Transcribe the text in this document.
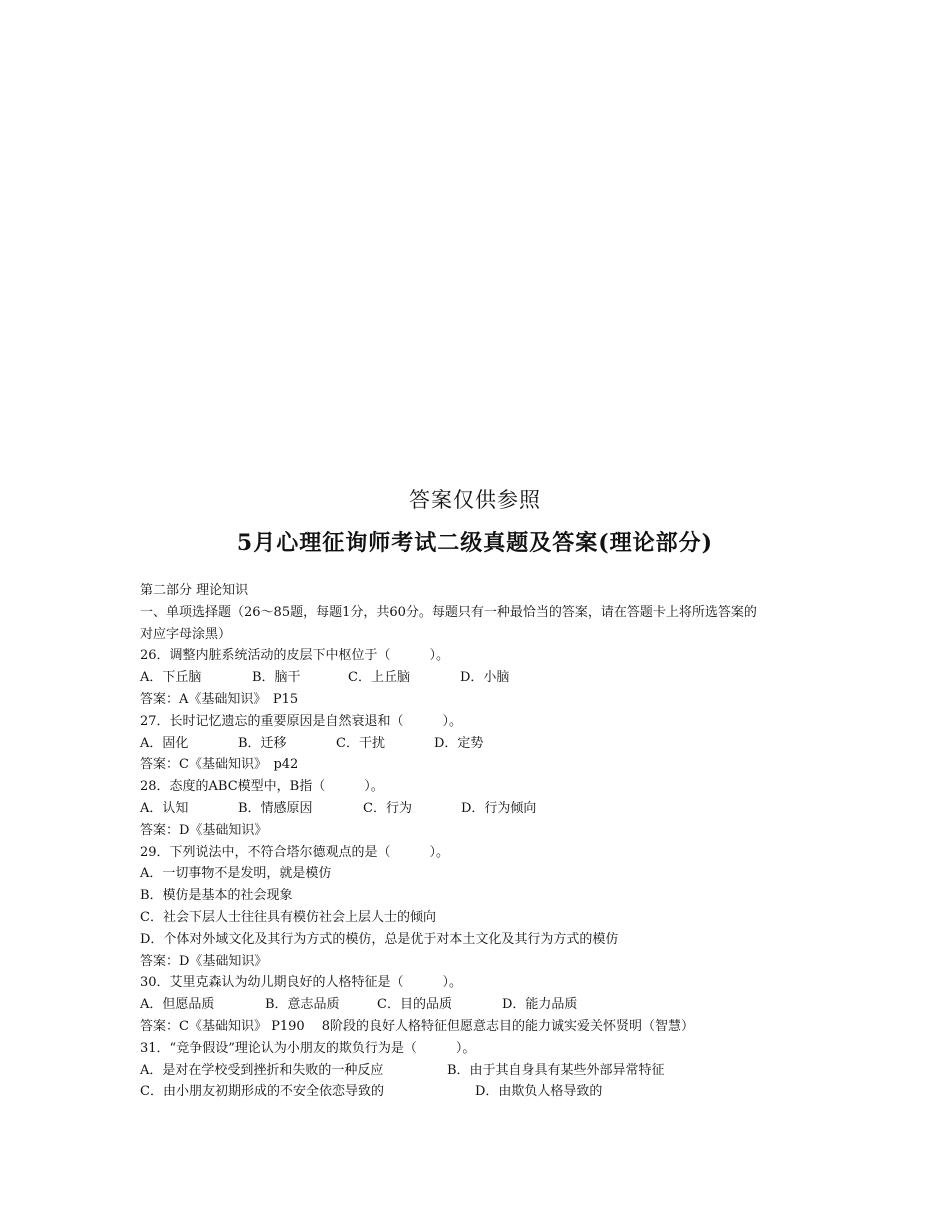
答案仅供参照
5月心理征询师考试二级真题及答案(理论部分)
第二部分 理论知识
一、单项选择题（26～85题，每题1分，共60分。每题只有一种最恰当的答案，请在答题卡上将所选答案的
对应字母涂黑）
26．调整内脏系统活动的皮层下中枢位于（　　　）。
A．下丘脑	B．脑干	C．上丘脑	D．小脑
答案：A《基础知识》　P15
27．长时记忆遗忘的重要原因是自然衰退和（　　　）。
A．固化	B．迁移	C．干扰	D．定势
答案：C《基础知识》　p42
28．态度的ABC模型中，B指（　　　）。
A．认知	B．情感原因	C．行为	D．行为倾向
答案：D《基础知识》
29．下列说法中，不符合塔尔德观点的是（　　　）。
A．一切事物不是发明，就是模仿
B．模仿是基本的社会现象
C．社会下层人士往往具有模仿社会上层人士的倾向
D．个体对外域文化及其行为方式的模仿，总是优于对本土文化及其行为方式的模仿
答案：D《基础知识》
30．艾里克森认为幼儿期良好的人格特征是（　　　）。
A．但愿品质	B．意志品质	C．目的品质	D．能力品质
答案：C《基础知识》 P190　 8阶段的良好人格特征但愿意志目的能力诚实爱关怀贤明（智慧）
31．“竞争假设”理论认为小朋友的欺负行为是（　　　）。
A．是对在学校受到挫折和失败的一种反应	B．由于其自身具有某些外部异常特征
C．由小朋友初期形成的不安全依恋导致的	D．由欺负人格导致的
